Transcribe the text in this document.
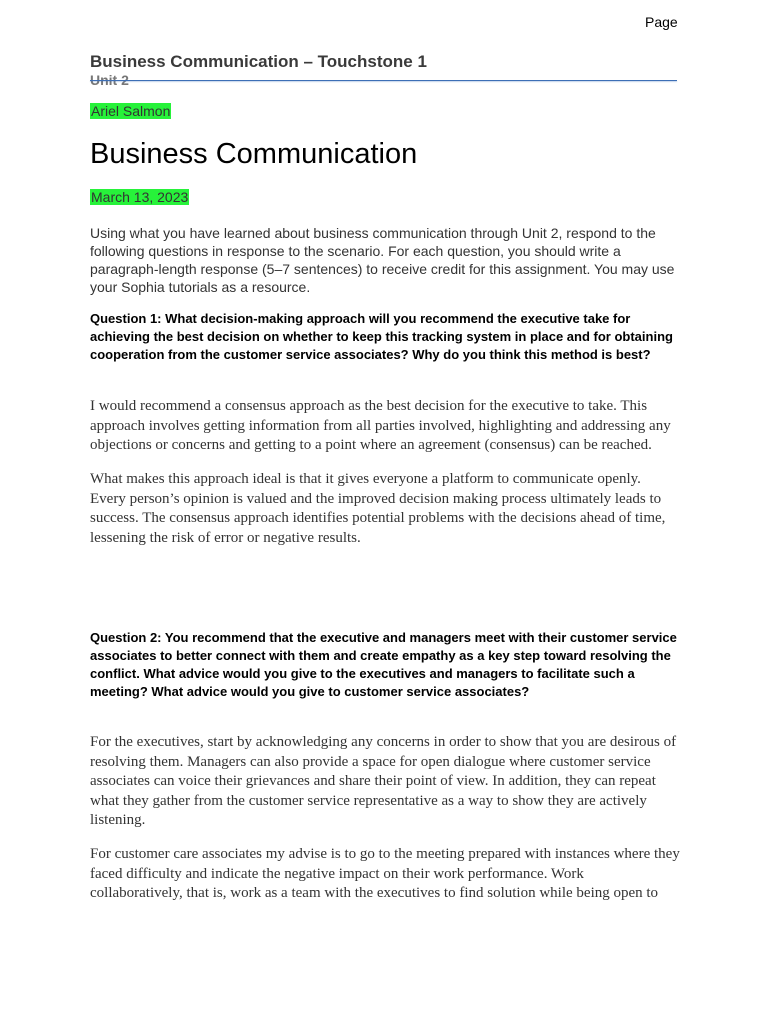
Page
Business Communication – Touchstone 1
Unit 2
Ariel Salmon
Business Communication
March 13, 2023

Using what you have learned about business communication through Unit 2, respond to the following questions in response to the scenario. For each question, you should write a paragraph-length response (5–7 sentences) to receive credit for this assignment. You may use your Sophia tutorials as a resource.

Question 1: What decision-making approach will you recommend the executive take for achieving the best decision on whether to keep this tracking system in place and for obtaining cooperation from the customer service associates? Why do you think this method is best?

I would recommend a consensus approach as the best decision for the executive to take. This approach involves getting information from all parties involved, highlighting and addressing any objections or concerns and getting to a point where an agreement (consensus) can be reached.

What makes this approach ideal is that it gives everyone a platform to communicate openly. Every person’s opinion is valued and the improved decision making process ultimately leads to success. The consensus approach identifies potential problems with the decisions ahead of time, lessening the risk of error or negative results.

Question 2: You recommend that the executive and managers meet with their customer service associates to better connect with them and create empathy as a key step toward resolving the conflict. What advice would you give to the executives and managers to facilitate such a meeting? What advice would you give to customer service associates?

For the executives, start by acknowledging any concerns in order to show that you are desirous of resolving them. Managers can also provide a space for open dialogue where customer service associates can voice their grievances and share their point of view. In addition, they can repeat what they gather from the customer service representative as a way to show they are actively listening.

For customer care associates my advise is to go to the meeting prepared with instances where they faced difficulty and indicate the negative impact on their work performance. Work collaboratively, that is, work as a team with the executives to find solution while being open to
